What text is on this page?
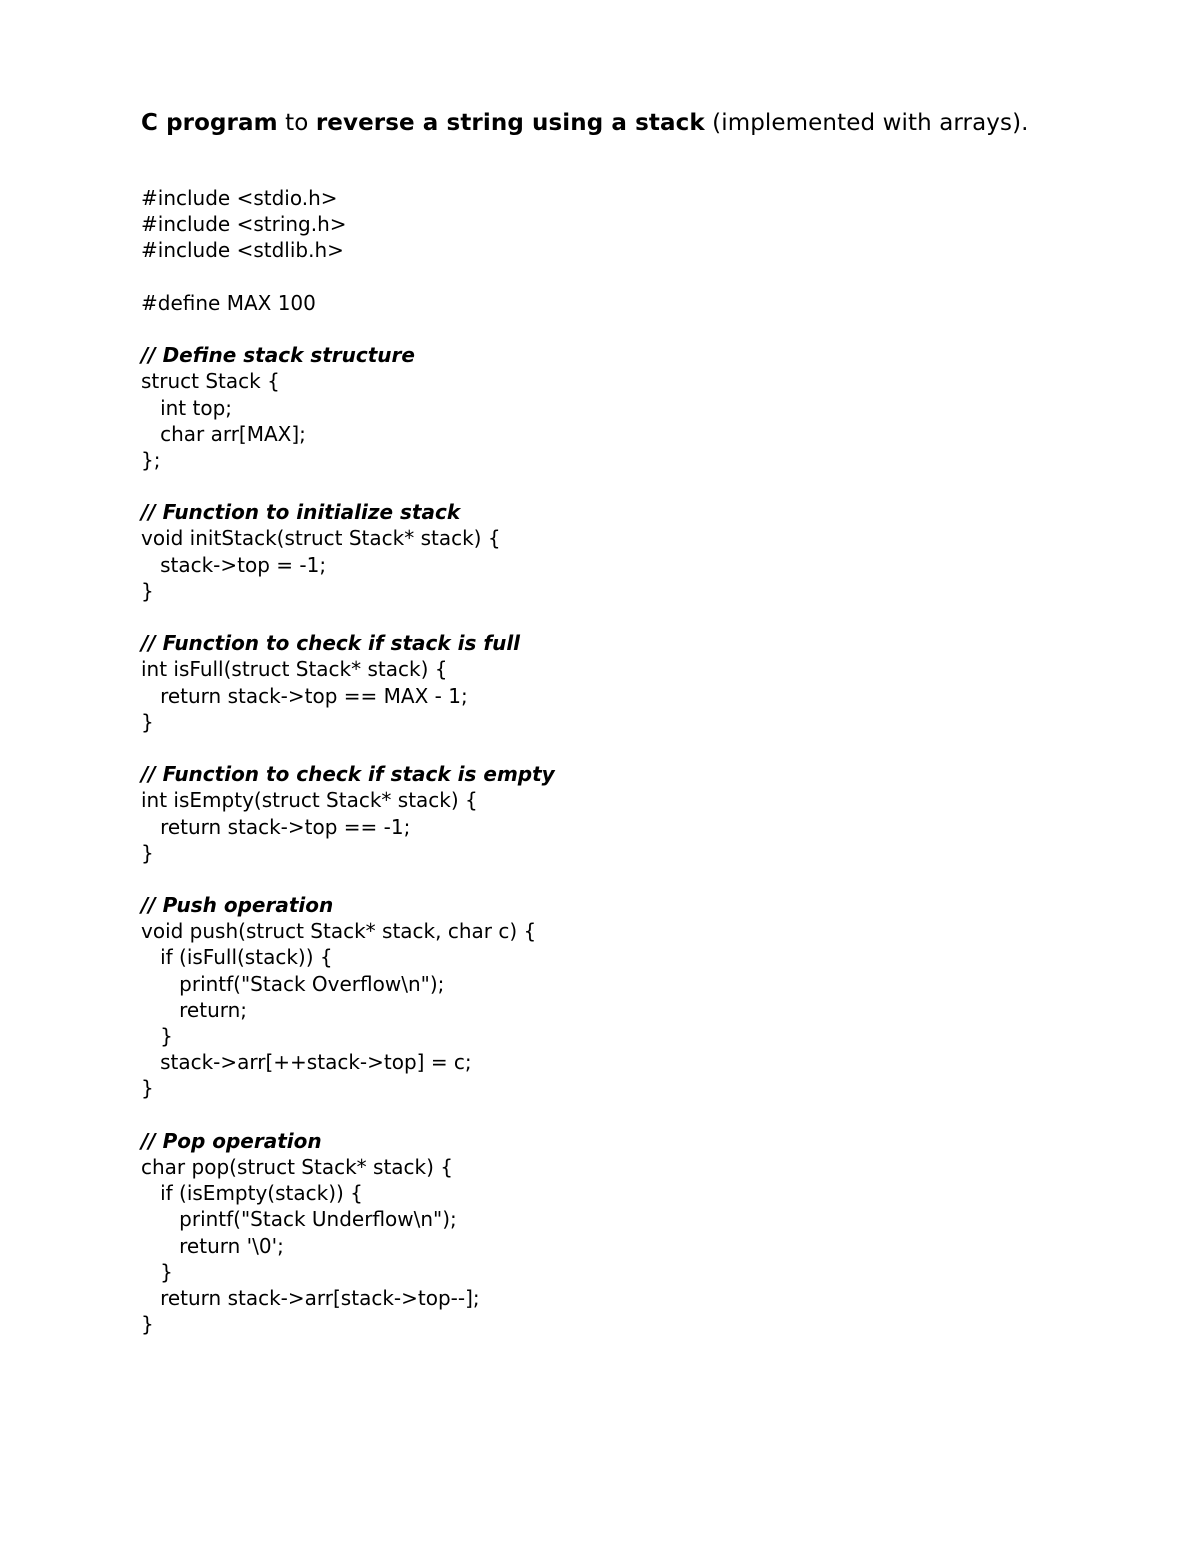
C program to reverse a string using a stack (implemented with arrays).
#include <stdio.h>
#include <string.h>
#include <stdlib.h>
#define MAX 100
// Define stack structure
struct Stack {
int top;
char arr[MAX];
};
// Function to initialize stack
void initStack(struct Stack* stack) {
stack->top = -1;
}
// Function to check if stack is full
int isFull(struct Stack* stack) {
return stack->top == MAX - 1;
}
// Function to check if stack is empty
int isEmpty(struct Stack* stack) {
return stack->top == -1;
}
// Push operation
void push(struct Stack* stack, char c) {
if (isFull(stack)) {
printf("Stack Overflow\n");
return;
}
stack->arr[++stack->top] = c;
}
// Pop operation
char pop(struct Stack* stack) {
if (isEmpty(stack)) {
printf("Stack Underflow\n");
return '\0';
}
return stack->arr[stack->top--];
}
